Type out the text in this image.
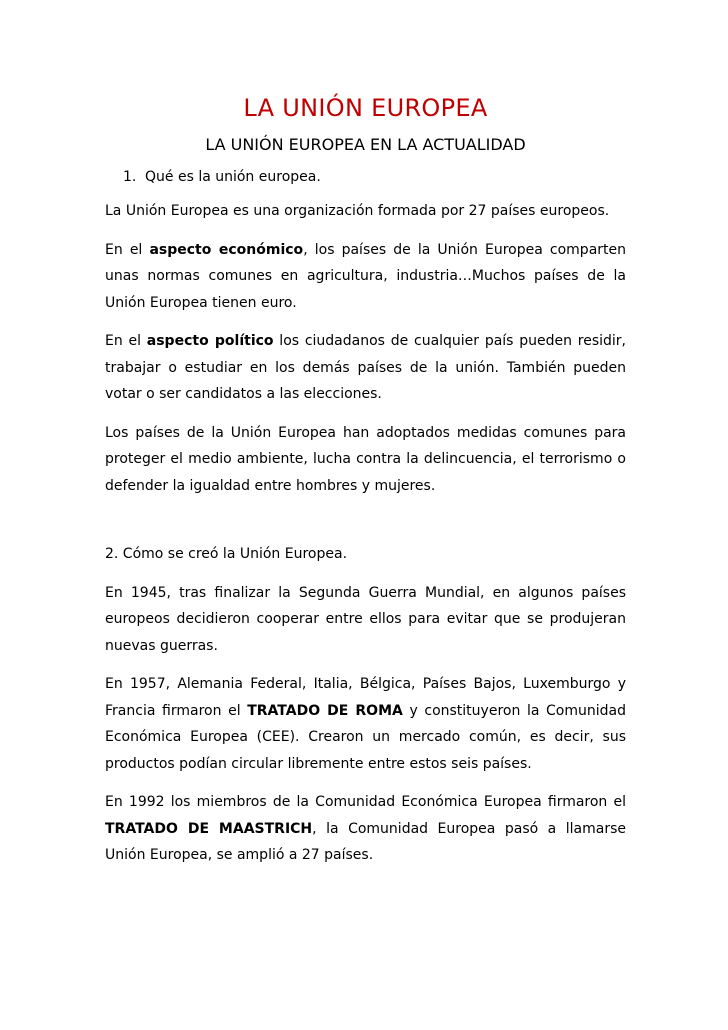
LA UNIÓN EUROPEA
LA UNIÓN EUROPEA EN LA ACTUALIDAD
1. Qué es la unión europea.

La Unión Europea es una organización formada por 27 países europeos.

En el aspecto económico, los países de la Unión Europea comparten unas normas comunes en agricultura, industria…Muchos países de la Unión Europea tienen euro.

En el aspecto político los ciudadanos de cualquier país pueden residir, trabajar o estudiar en los demás países de la unión. También pueden votar o ser candidatos a las elecciones.

Los países de la Unión Europea han adoptados medidas comunes para proteger el medio ambiente, lucha contra la delincuencia, el terrorismo o defender la igualdad entre hombres y mujeres.

2. Cómo se creó la Unión Europea.

En 1945, tras finalizar la Segunda Guerra Mundial, en algunos países europeos decidieron cooperar entre ellos para evitar que se produjeran nuevas guerras.

En 1957, Alemania Federal, Italia, Bélgica, Países Bajos, Luxemburgo y Francia firmaron el TRATADO DE ROMA y constituyeron la Comunidad Económica Europea (CEE). Crearon un mercado común, es decir, sus productos podían circular libremente entre estos seis países.

En 1992 los miembros de la Comunidad Económica Europea firmaron el TRATADO DE MAASTRICH, la Comunidad Europea pasó a llamarse Unión Europea, se amplió a 27 países.
